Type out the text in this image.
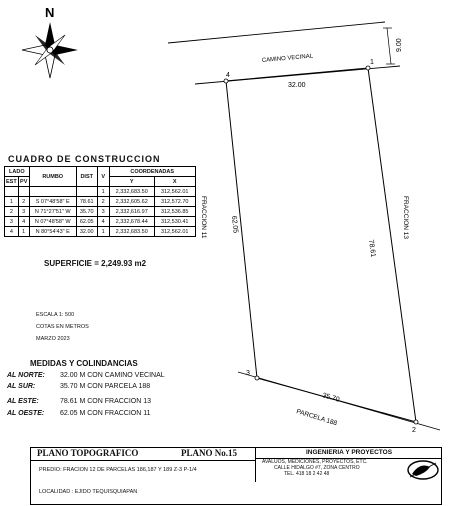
N
9.00
CAMINO VECINAL	1
2
3
4
32.00
78.61
62.05
35.70
FRACCION 13
FRACCION 11
PARCELA 188
CUADRO DE CONSTRUCCION
LADO		RUMBO	DIST	V	COORDENADAS	
EST	PV				Y	X
				1	2,332,683.50	312,562.01
1	2	S 07°48'58" E	78.61	2	2,332,605.62	312,572.70
2	3	N 71°27'51" W	35.70	3	2,332,616.97	312,536.85
3	4	N 07°48'58" W	62.05	4	2,332,678.44	312,530.41
4	1	N 80°54'43" E	32.00	1	2,332,683.50	312,562.01
SUPERFICIE = 2,249.93 m2
ESCALA 1: 500
COTAS EN METROS
MARZO 2023
MEDIDAS Y COLINDANCIAS
AL NORTE: 32.00 M CON CAMINO VECINAL
AL SUR:	35.70 M CON PARCELA 188
AL ESTE:	78.61 M CON FRACCION 13
AL OESTE: 62.05 M CON FRACCION 11
PLANO TOPOGRAFICO	PLANO No.15	INGENIERIA Y PROYECTOS
AVALUOS, MEDICIONES, PROYECTOS, ETC.
CALLE HIDALGO #7, ZONA CENTRO
TEL. 418 18 2 42 48
PREDIO: FRACION 12 DE PARCELAS 186,187 Y 189 Z-3 P-1/4
LOCALIDAD : EJIDO TEQUISQUIAPAN
